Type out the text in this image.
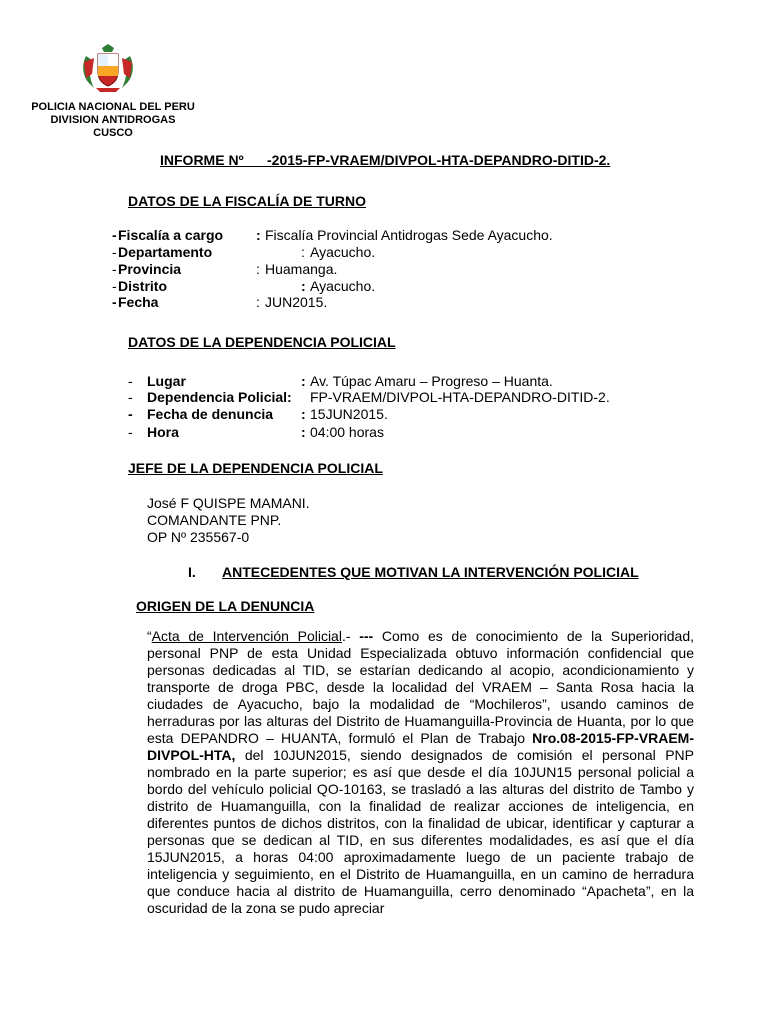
POLICIA NACIONAL DEL PERU
DIVISION ANTIDROGAS
CUSCO
INFORME Nº      -2015-FP-VRAEM/DIVPOL-HTA-DEPANDRO-DITID-2.
DATOS DE LA FISCALÍA DE TURNO
- Fiscalía a cargo : Fiscalía Provincial Antidrogas Sede Ayacucho.
- Departamento	: Ayacucho.
- Provincia	: Huamanga.
- Distrito	: Ayacucho.
- Fecha	: JUN2015.
DATOS DE LA DEPENDENCIA POLICIAL
- Lugar	: Av. Túpac Amaru – Progreso – Huanta.
- Dependencia Policial: FP-VRAEM/DIVPOL-HTA-DEPANDRO-DITID-2.
- Fecha de denuncia : 15JUN2015.
- Hora	: 04:00 horas
JEFE DE LA DEPENDENCIA POLICIAL
José F QUISPE MAMANI.
COMANDANTE PNP.
OP Nº 235567-0
I. ANTECEDENTES QUE MOTIVAN LA INTERVENCIÓN POLICIAL
ORIGEN DE LA DENUNCIA
“Acta de Intervención Policial.- --- Como es de conocimiento de la Superioridad, personal PNP de esta Unidad Especializada obtuvo información confidencial que personas dedicadas al TID, se estarían dedicando al acopio, acondicionamiento y transporte de droga PBC, desde la localidad del VRAEM – Santa Rosa hacia la ciudades de Ayacucho, bajo la modalidad de “Mochileros”, usando caminos de herraduras por las alturas del Distrito de Huamanguilla-Provincia de Huanta, por lo que esta DEPANDRO – HUANTA, formuló el Plan de Trabajo Nro.08-2015-FP-VRAEM- DIVPOL-HTA, del 10JUN2015, siendo designados de comisión el personal PNP nombrado en la parte superior; es así que desde el día 10JUN15 personal policial a bordo del vehículo policial QO-10163, se trasladó a las alturas del distrito de Tambo y distrito de Huamanguilla, con la finalidad de realizar acciones de inteligencia, en diferentes puntos de dichos distritos, con la finalidad de ubicar, identificar y capturar a personas que se dedican al TID, en sus diferentes modalidades, es así que el día 15JUN2015, a horas 04:00 aproximadamente luego de un paciente trabajo de inteligencia y seguimiento, en el Distrito de Huamanguilla, en un camino de herradura que conduce hacia al distrito de Huamanguilla, cerro denominado “Apacheta”, en la oscuridad de la zona se pudo apreciar
